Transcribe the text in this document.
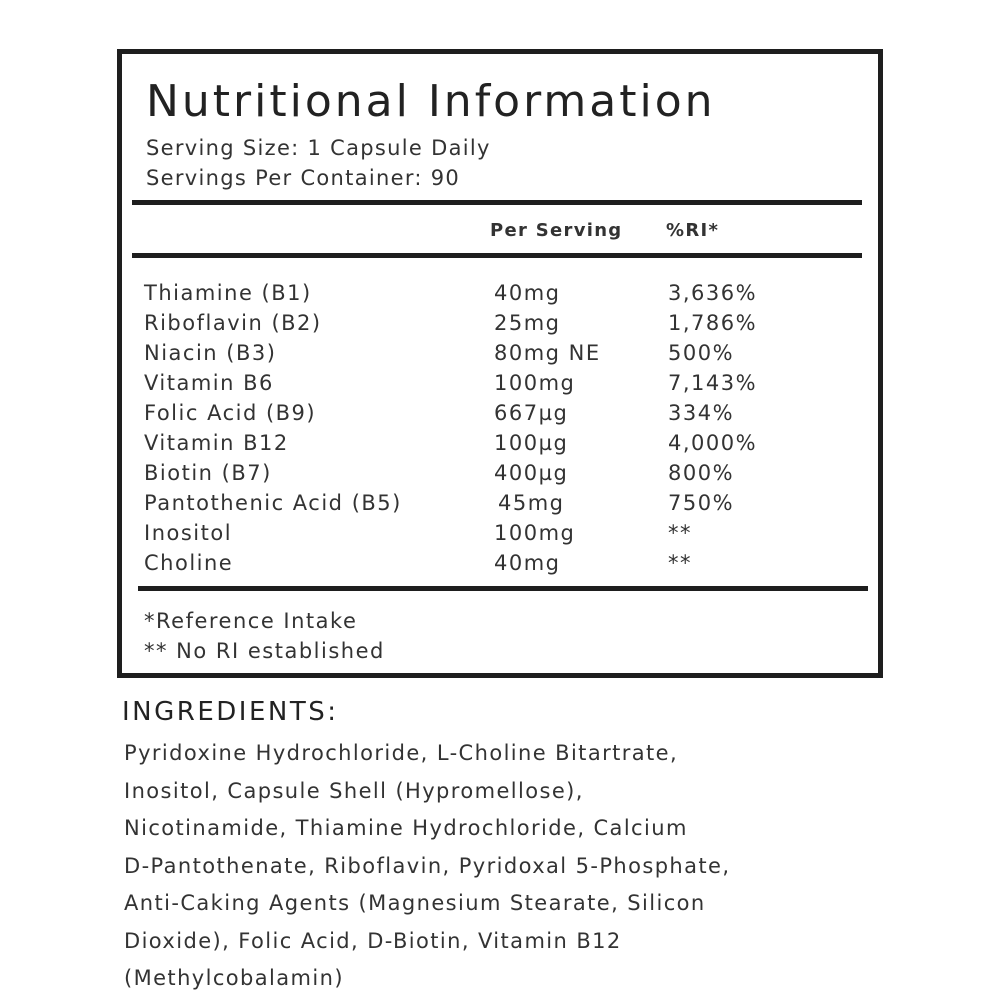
Nutritional Information
Serving Size: 1 Capsule Daily
Servings Per Container: 90
Per Serving %RI*
Thiamine (B1)	40mg	3,636%
Riboflavin (B2)	25mg	1,786%
Niacin (B3)	80mg NE	500%
Vitamin B6	100mg	7,143%
Folic Acid (B9)	667µg	334%
Vitamin B12	100µg	4,000%
Biotin (B7)	400µg	800%
Pantothenic Acid (B5)	45mg	750%
Inositol	100mg	**
Choline	40mg	**
*Reference Intake
** No RI established
INGREDIENTS:
Pyridoxine Hydrochloride, L-Choline Bitartrate,
Inositol, Capsule Shell (Hypromellose),
Nicotinamide, Thiamine Hydrochloride, Calcium
D-Pantothenate, Riboflavin, Pyridoxal 5-Phosphate,
Anti-Caking Agents (Magnesium Stearate, Silicon
Dioxide), Folic Acid, D-Biotin, Vitamin B12
(Methylcobalamin)
